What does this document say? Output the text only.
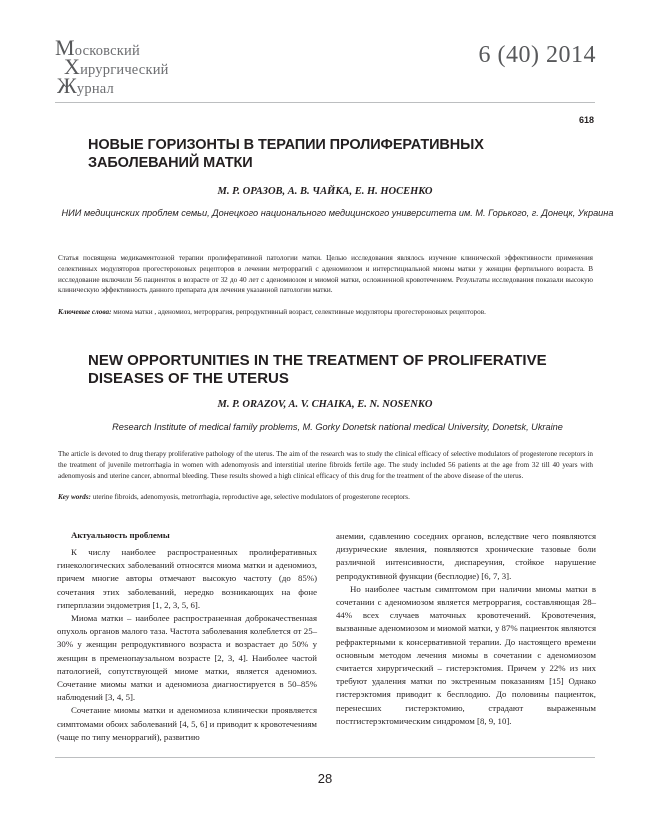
Московский
Хирургический
Журнал
6 (40) 2014
618
НОВЫЕ ГОРИЗОНТЫ В ТЕРАПИИ ПРОЛИФЕРАТИВНЫХ ЗАБОЛЕВАНИЙ МАТКИ
М. Р. ОРАЗОВ, А. В. ЧАЙКА, Е. Н. НОСЕНКО
НИИ медицинских проблем семьи, Донецкого национального медицинского университета им. М. Горького, г. Донецк, Украина
Статья посвящена медикаментозной терапии пролиферативной патологии матки. Целью исследования являлось изучение клинической эффективности применения селективных модуляторов прогестероновых рецепторов в лечении метроррагий с аденомиозом и интерстициальной миомы матки у женщин фертильного возраста. В исследование включили 56 пациенток в возрасте от 32 до 40 лет с аденомиозом и миомой матки, осложненной кровотечением. Результаты исследования показали высокую клиническую эффективность данного препарата для лечения указанной патологии матки.
Ключевые слова: миома матки , аденомиоз, метроррагия, репродуктивный возраст, селективные модуляторы прогестероновых рецепторов.
NEW OPPORTUNITIES IN THE TREATMENT OF PROLIFERATIVE DISEASES OF THE UTERUS
M. P. ORAZOV, A. V. CHAIKA, E. N. NOSENKO
Research Institute of medical family problems, M. Gorky Donetsk national medical University, Donetsk, Ukraine
The article is devoted to drug therapy proliferative pathology of the uterus. The aim of the research was to study the clinical efficacy of selective modulators of progesterone receptors in the treatment of juvenile metrorrhagia in women with adenomyosis and interstitial uterine fibroids fertile age. The study included 56 patients at the age from 32 till 40 years with adenomyosis and uterine cancer, abnormal bleeding. These results showed a high clinical efficacy of this drug for the treatment of the above disease of the uterus.
Key words: uterine fibroids, adenomyosis, metrorrhagia, reproductive age, selective modulators of progesterone receptors.
Актуальность проблемы

К числу наиболее распространенных пролиферативных гинекологических заболеваний относятся миома матки и аденомиоз, причем многие авторы отмечают высокую частоту (до 85%) сочетания этих заболеваний, нередко возникающих на фоне гиперплазии эндометрия [1, 2, 3, 5, 6].

Миома матки – наиболее распространенная доброкачественная опухоль органов малого таза. Частота заболевания колеблется от 25–30% у женщин репродуктивного возраста и возрастает до 50% у женщин в пременопаузальном возрасте [2, 3, 4]. Наиболее частой патологией, сопутствующей миоме матки, является аденомиоз. Сочетание миомы матки и аденомиоза диагностируется в 50–85% наблюдений [3, 4, 5].

Сочетание миомы матки и аденомиоза клинически проявляется симптомами обоих заболеваний [4, 5, 6] и приводит к кровотечениям (чаще по типу меноррагий), развитию

анемии, сдавлению соседних органов, вследствие чего появляются дизурические явления, появляются хронические тазовые боли различной интенсивности, диспареуния, стойкое нарушение репродуктивной функции (бесплодие) [6, 7, 3].

Но наиболее частым симптомом при наличии миомы матки в сочетании с аденомиозом является метроррагия, составляющая 28–44% всех случаев маточных кровотечений. Кровотечения, вызванные аденомиозом и миомой матки, у 87% пациенток являются рефрактерными к консервативной терапии. До настоящего времени основным методом лечения миомы в сочетании с аденомиозом считается хирургический – гистерэктомия. Причем у 22% из них требуют удаления матки по экстренным показаниям [15] Однако гистерэктомия приводит к бесплодию. До половины пациенток, перенесших гистерэктомию, страдают выраженным постгистерэктомическим синдромом [8, 9, 10].

28
